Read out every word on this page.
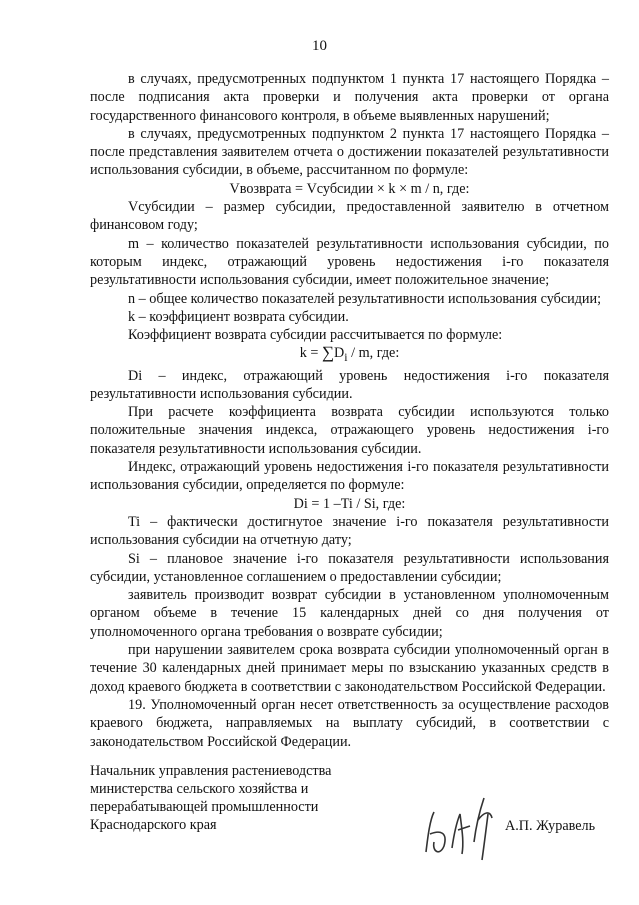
10

в случаях, предусмотренных подпунктом 1 пункта 17 настоящего Порядка – после подписания акта проверки и получения акта проверки от органа государственного финансового контроля, в объеме выявленных нарушений;

в случаях, предусмотренных подпунктом 2 пункта 17 настоящего Порядка – после представления заявителем отчета о достижении показателей результативности использования субсидии, в объеме, рассчитанном по формуле:

Vвозврата = Vсубсидии × k × m / n, где:

Vсубсидии – размер субсидии, предоставленной заявителю в отчетном финансовом году;

m – количество показателей результативности использования субсидии, по которым индекс, отражающий уровень недостижения i-го показателя результативности использования субсидии, имеет положительное значение;

n – общее количество показателей результативности использования субсидии;

k – коэффициент возврата субсидии.

Коэффициент возврата субсидии рассчитывается по формуле:

$k = \sum D_i / m$, где:

Di – индекс, отражающий уровень недостижения i-го показателя результативности использования субсидии.

При расчете коэффициента возврата субсидии используются только положительные значения индекса, отражающего уровень недостижения i-го показателя результативности использования субсидии.

Индекс, отражающий уровень недостижения i-го показателя результативности использования субсидии, определяется по формуле:

Di = 1 –Ti / Si, где:

Ti – фактически достигнутое значение i-го показателя результативности использования субсидии на отчетную дату;

Si – плановое значение i-го показателя результативности использования субсидии, установленное соглашением о предоставлении субсидии;

заявитель производит возврат субсидии в установленном уполномоченным органом объеме в течение 15 календарных дней со дня получения от уполномоченного органа требования о возврате субсидии;

при нарушении заявителем срока возврата субсидии уполномоченный орган в течение 30 календарных дней принимает меры по взысканию указанных средств в доход краевого бюджета в соответствии с законодательством Российской Федерации.

19. Уполномоченный орган несет ответственность за осуществление расходов краевого бюджета, направляемых на выплату субсидий, в соответствии с законодательством Российской Федерации.

Начальник управления растениеводства
министерства сельского хозяйства и
перерабатывающей промышленности
Краснодарского края	А.П. Журавель
